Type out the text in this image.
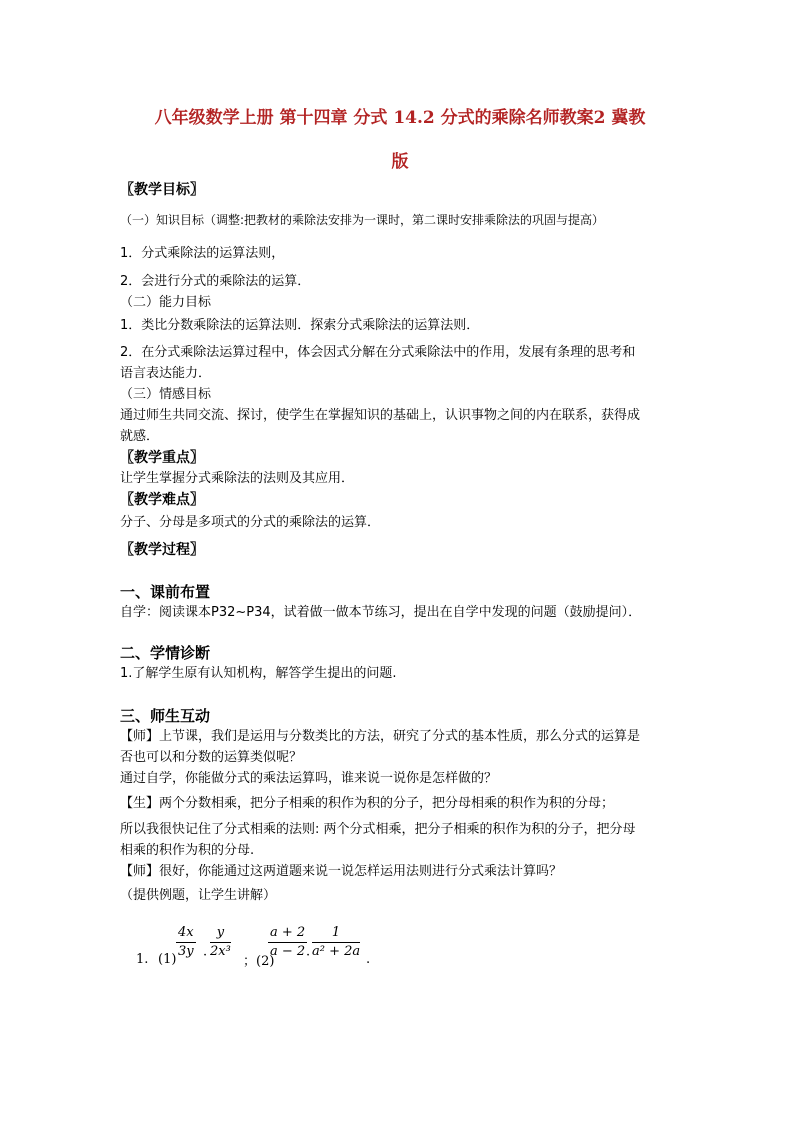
八年级数学上册 第十四章 分式 14.2 分式的乘除名师教案2 冀教
版
〖教学目标〗
（一）知识目标（调整:把教材的乘除法安排为一课时，第二课时安排乘除法的巩固与提高）
1．分式乘除法的运算法则，
2．会进行分式的乘除法的运算．
（二）能力目标
1．类比分数乘除法的运算法则．探索分式乘除法的运算法则．
2．在分式乘除法运算过程中，体会因式分解在分式乘除法中的作用，发展有条理的思考和
语言表达能力．
（三）情感目标
通过师生共同交流、探讨，使学生在掌握知识的基础上，认识事物之间的内在联系，获得成
就感．
〖教学重点〗
让学生掌握分式乘除法的法则及其应用．
〖教学难点〗
分子、分母是多项式的分式的乘除法的运算．
〖教学过程〗
一、课前布置
自学：阅读课本P32~P34，试着做一做本节练习，提出在自学中发现的问题（鼓励提问）．
二、学情诊断
1.了解学生原有认知机构，解答学生提出的问题.
三、师生互动
【师】上节课，我们是运用与分数类比的方法，研究了分式的基本性质，那么分式的运算是
否也可以和分数的运算类似呢？
通过自学，你能做分式的乘法运算吗，谁来说一说你是怎样做的？
【生】两个分数相乘，把分子相乘的积作为积的分子，把分母相乘的积作为积的分母；
所以我很快记住了分式相乘的法则: 两个分式相乘，把分子相乘的积作为积的分子，把分母
相乘的积作为积的分母.
【师】很好，你能通过这两道题来说一说怎样运用法则进行分式乘法计算吗？
（提供例题，让学生讲解）
1. $(1) \frac{4x}{3y} \cdot \frac{y}{\text{2x³}}$
；(2)
$\frac{a + 2}{a - 2}$
· $\frac{1}{\text{a² + 2a}}$ .
